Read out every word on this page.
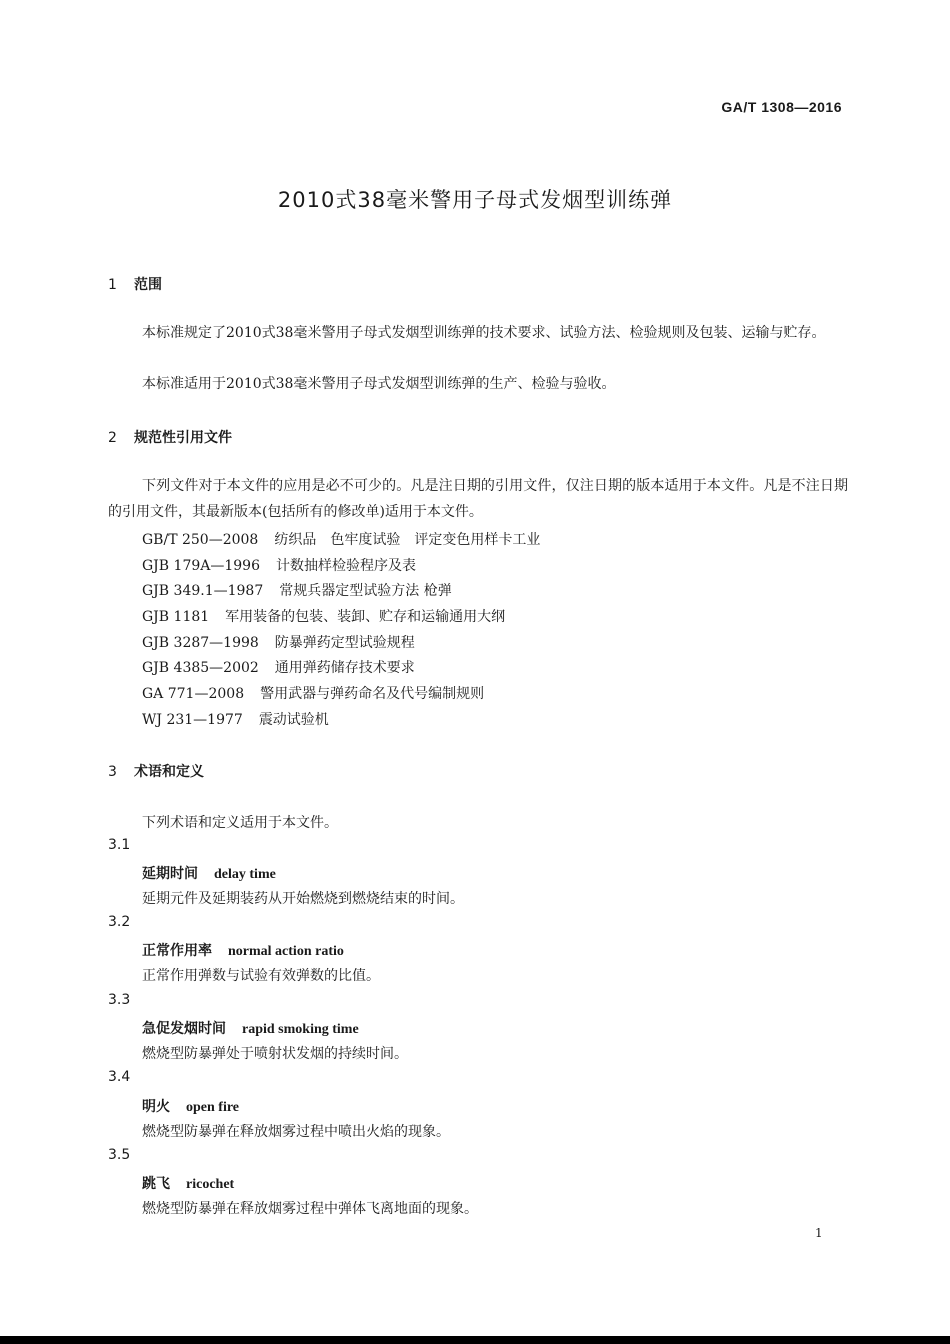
GA/T 1308—2016
2010式38毫米警用子母式发烟型训练弹
1 范围
本标准规定了2010式38毫米警用子母式发烟型训练弹的技术要求、试验方法、检验规则及包装、运输与贮存。
本标准适用于2010式38毫米警用子母式发烟型训练弹的生产、检验与验收。
2 规范性引用文件
下列文件对于本文件的应用是必不可少的。凡是注日期的引用文件，仅注日期的版本适用于本文件。凡是不注日期的引用文件，其最新版本(包括所有的修改单)适用于本文件。
GB/T 250—2008 纺织品　色牢度试验　评定变色用样卡工业
GJB 179A—1996 计数抽样检验程序及表
GJB 349.1—1987 常规兵器定型试验方法 枪弹
GJB 1181 军用装备的包装、装卸、贮存和运输通用大纲
GJB 3287—1998 防暴弹药定型试验规程
GJB 4385—2002 通用弹药储存技术要求
GA 771—2008 警用武器与弹药命名及代号编制规则
WJ 231—1977 震动试验机
3 术语和定义
下列术语和定义适用于本文件。
3.1
延期时间 delay time
延期元件及延期装药从开始燃烧到燃烧结束的时间。
3.2
正常作用率 normal action ratio
正常作用弹数与试验有效弹数的比值。
3.3
急促发烟时间 rapid smoking time
燃烧型防暴弹处于喷射状发烟的持续时间。
3.4
明火 open fire
燃烧型防暴弹在释放烟雾过程中喷出火焰的现象。
3.5
跳飞 ricochet
燃烧型防暴弹在释放烟雾过程中弹体飞离地面的现象。
1
